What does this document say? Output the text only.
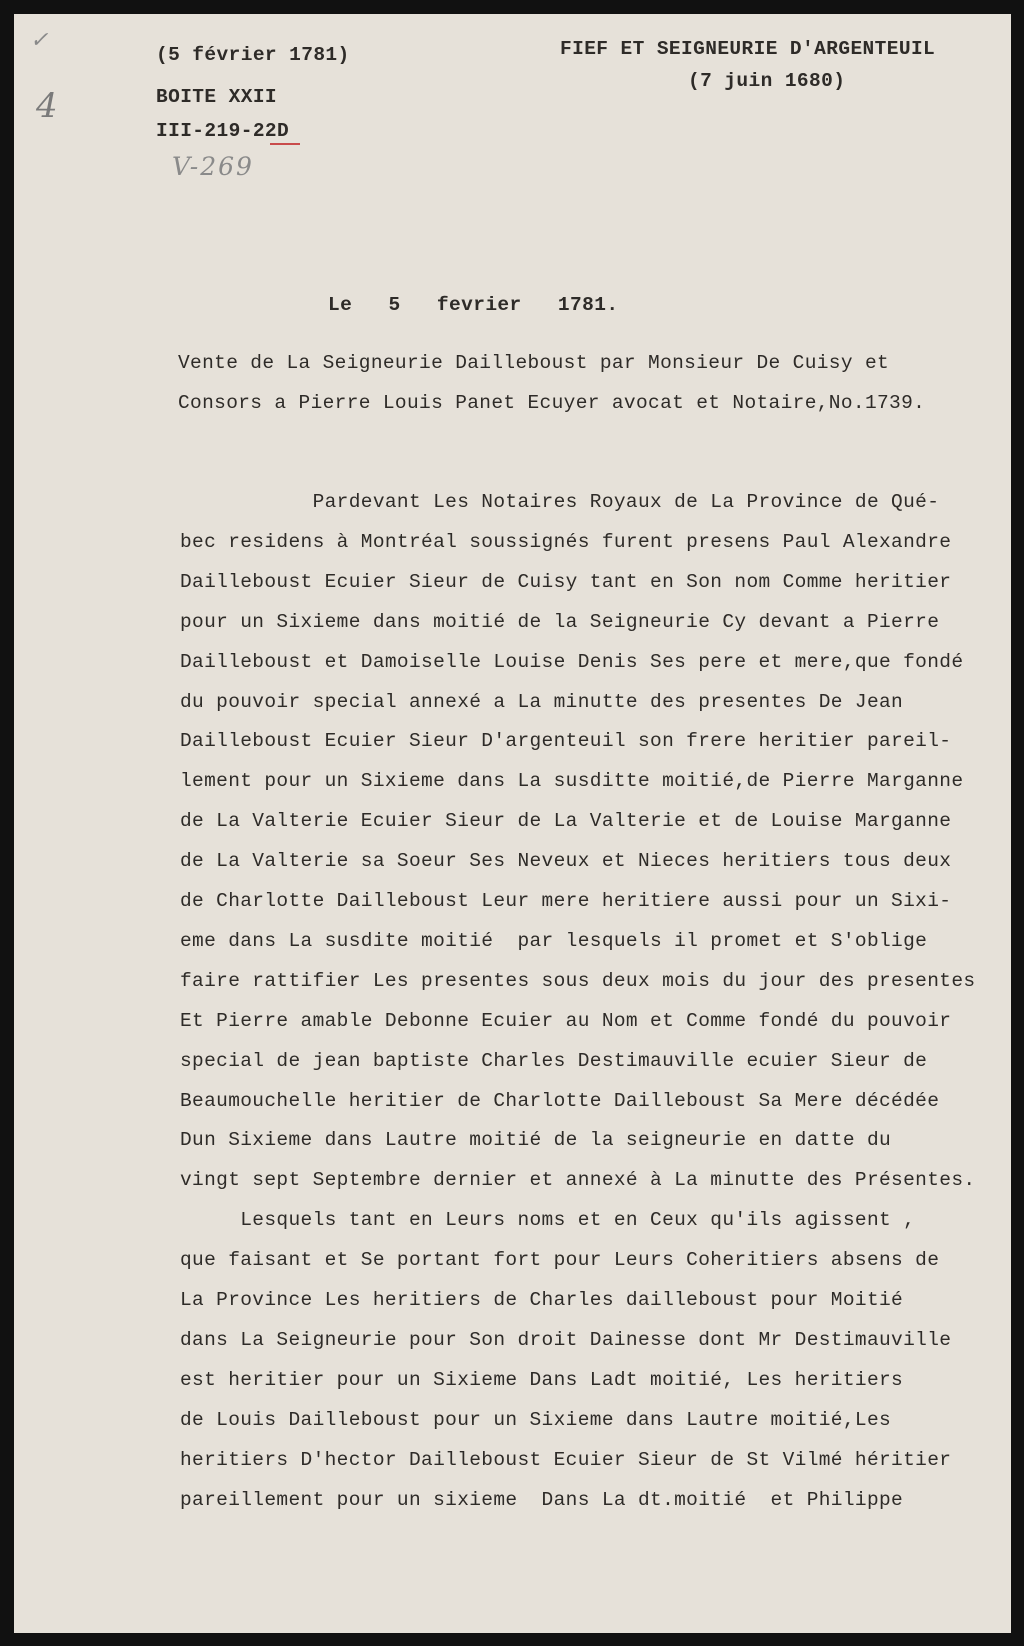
✓
4
(5 février 1781)
BOITE XXII
III-219-22D
V-269
FIEF ET SEIGNEURIE D'ARGENTEUIL
(7 juin 1680)
Le   5   fevrier   1781.
Vente de La Seigneurie Dailleboust par Monsieur De Cuisy et
Consors a Pierre Louis Panet Ecuyer avocat et Notaire,No.1739.
Pardevant Les Notaires Royaux de La Province de Qué-
bec residens à Montréal soussignés furent presens Paul Alexandre
Dailleboust Ecuier Sieur de Cuisy tant en Son nom Comme heritier
pour un Sixieme dans moitié de la Seigneurie Cy devant a Pierre
Dailleboust et Damoiselle Louise Denis Ses pere et mere,que fondé
du pouvoir special annexé a La minutte des presentes De Jean
Dailleboust Ecuier Sieur D'argenteuil son frere heritier pareil-
lement pour un Sixieme dans La susditte moitié,de Pierre Marganne
de La Valterie Ecuier Sieur de La Valterie et de Louise Marganne
de La Valterie sa Soeur Ses Neveux et Nieces heritiers tous deux
de Charlotte Dailleboust Leur mere heritiere aussi pour un Sixi-
eme dans La susdite moitié  par lesquels il promet et S'oblige
faire rattifier Les presentes sous deux mois du jour des presentes
Et Pierre amable Debonne Ecuier au Nom et Comme fondé du pouvoir
special de jean baptiste Charles Destimauville ecuier Sieur de
Beaumouchelle heritier de Charlotte Dailleboust Sa Mere décédée
Dun Sixieme dans Lautre moitié de la seigneurie en datte du
vingt sept Septembre dernier et annexé à La minutte des Présentes.
Lesquels tant en Leurs noms et en Ceux qu'ils agissent ,
que faisant et Se portant fort pour Leurs Coheritiers absens de
La Province Les heritiers de Charles dailleboust pour Moitié
dans La Seigneurie pour Son droit Dainesse dont Mr Destimauville
est heritier pour un Sixieme Dans Ladt moitié, Les heritiers
de Louis Dailleboust pour un Sixieme dans Lautre moitié,Les
heritiers D'hector Dailleboust Ecuier Sieur de St Vilmé héritier
pareillement pour un sixieme  Dans La dt.moitié  et Philippe
